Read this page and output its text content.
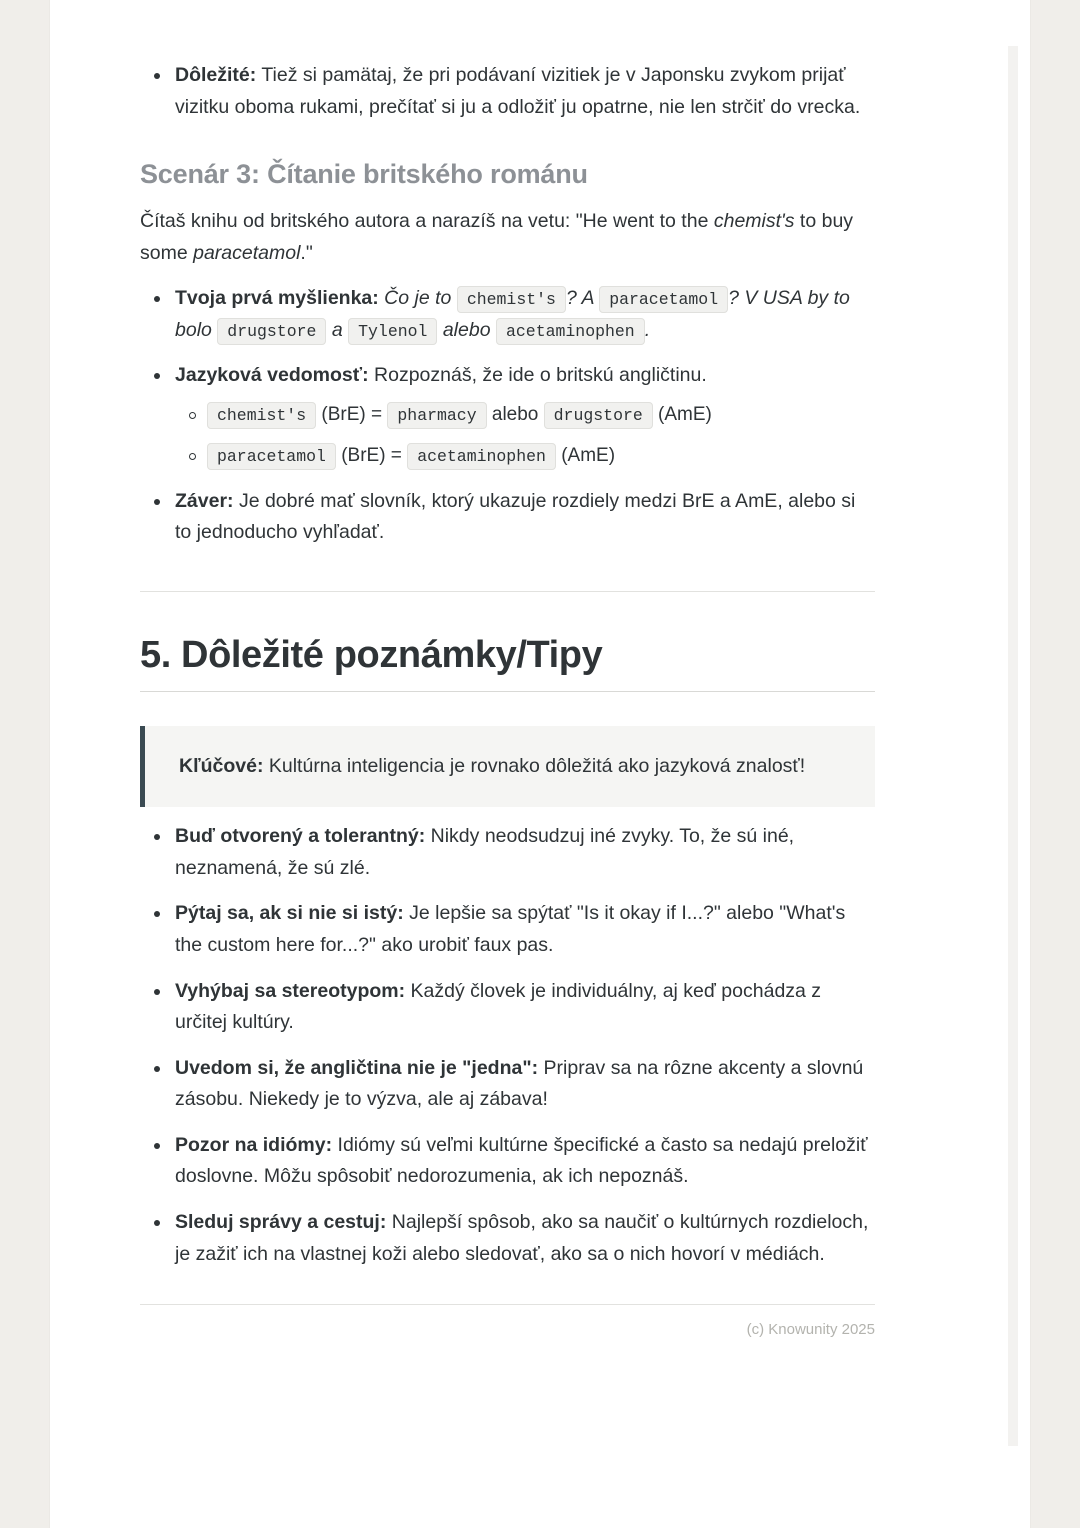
Dôležité: Tiež si pamätaj, že pri podávaní vizitiek je v Japonsku zvykom prijať vizitku oboma rukami, prečítať si ju a odložiť ju opatrne, nie len strčiť do vrecka.
Scenár 3: Čítanie britského románu

Čítaš knihu od britského autora a narazíš na vetu: "He went to the chemist's to buy some paracetamol."

Tvoja prvá myšlienka: Čo je to chemist's ? A paracetamol ? V USA by to bolo drugstore a Tylenol alebo acetaminophen .
Jazyková vedomosť: Rozpoznáš, že ide o britskú angličtinu.
chemist's (BrE) = pharmacy alebo drugstore (AmE)
paracetamol (BrE) = acetaminophen (AmE)
Záver: Je dobré mať slovník, ktorý ukazuje rozdiely medzi BrE a AmE, alebo si to jednoducho vyhľadať.
5. Dôležité poznámky/Tipy

Kľúčové: Kultúrna inteligencia je rovnako dôležitá ako jazyková znalosť!

Buď otvorený a tolerantný: Nikdy neodsudzuj iné zvyky. To, že sú iné, neznamená, že sú zlé.
Pýtaj sa, ak si nie si istý: Je lepšie sa spýtať "Is it okay if I...?" alebo "What's the custom here for...?" ako urobiť faux pas.
Vyhýbaj sa stereotypom: Každý človek je individuálny, aj keď pochádza z určitej kultúry.
Uvedom si, že angličtina nie je "jedna": Priprav sa na rôzne akcenty a slovnú zásobu. Niekedy je to výzva, ale aj zábava!
Pozor na idiómy: Idiómy sú veľmi kultúrne špecifické a často sa nedajú preložiť doslovne. Môžu spôsobiť nedorozumenia, ak ich nepoznáš.
Sleduj správy a cestuj: Najlepší spôsob, ako sa naučiť o kultúrnych rozdieloch, je zažiť ich na vlastnej koži alebo sledovať, ako sa o nich hovorí v médiách.
(c) Knowunity 2025
